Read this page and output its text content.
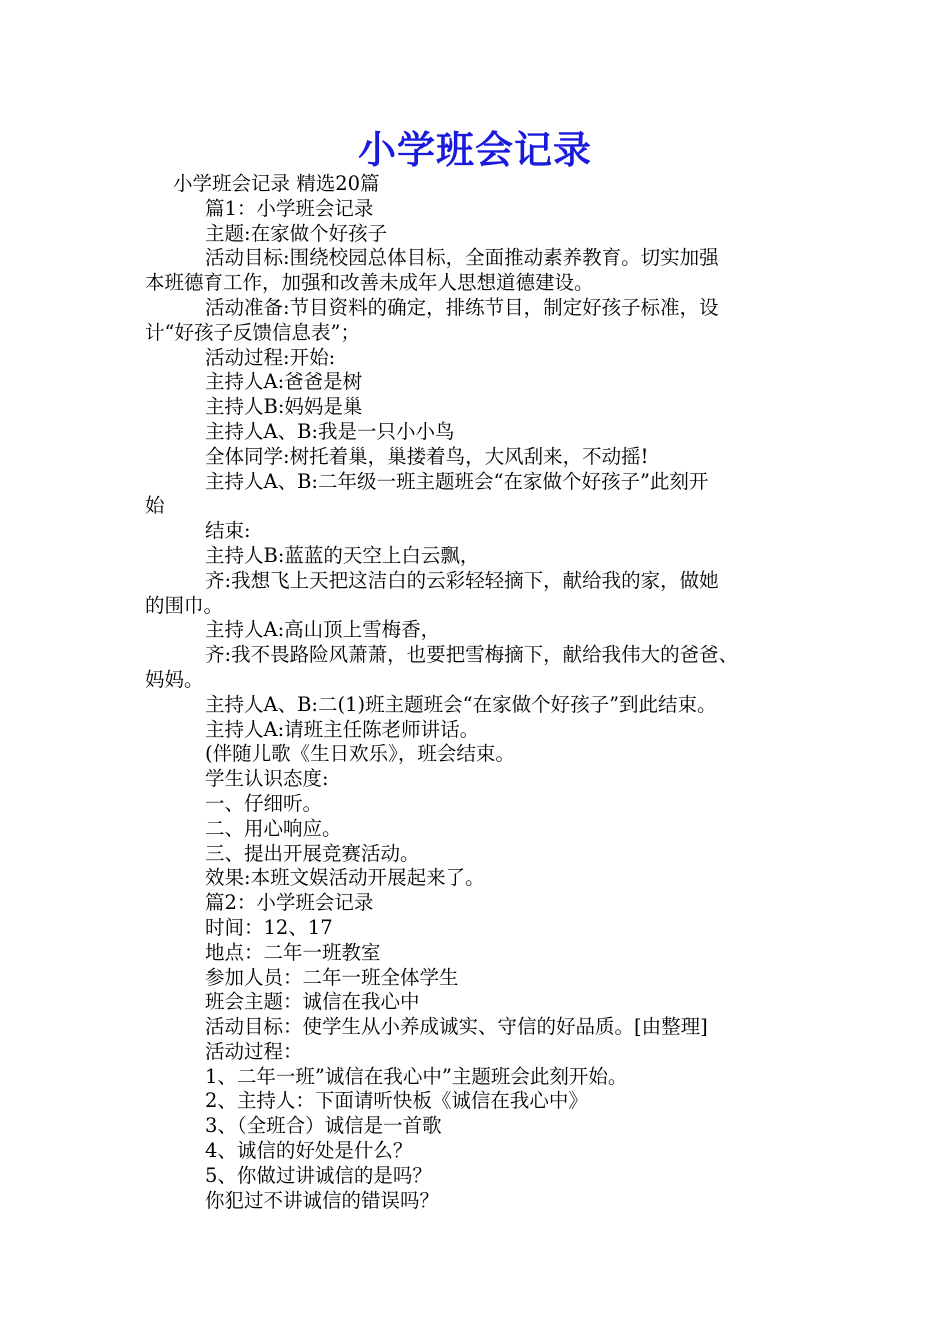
小学班会记录

小学班会记录 精选20篇

篇1：小学班会记录

主题:在家做个好孩子

活动目标:围绕校园总体目标，全面推动素养教育。切实加强

本班德育工作，加强和改善未成年人思想道德建设。

活动准备:节目资料的确定，排练节目，制定好孩子标准，设

计“好孩子反馈信息表”；

活动过程:开始:

主持人A:爸爸是树

主持人B:妈妈是巢

主持人A、B:我是一只小小鸟

全体同学:树托着巢，巢搂着鸟，大风刮来，不动摇!

主持人A、B:二年级一班主题班会“在家做个好孩子”此刻开

始

结束:

主持人B:蓝蓝的天空上白云飘，

齐:我想飞上天把这洁白的云彩轻轻摘下，献给我的家，做她

的围巾。

主持人A:高山顶上雪梅香，

齐:我不畏路险风萧萧，也要把雪梅摘下，献给我伟大的爸爸、

妈妈。

主持人A、B:二(1)班主题班会“在家做个好孩子”到此结束。

主持人A:请班主任陈老师讲话。

(伴随儿歌《生日欢乐》，班会结束。

学生认识态度:

一、仔细听。

二、用心响应。

三、提出开展竞赛活动。

效果:本班文娱活动开展起来了。

篇2：小学班会记录

时间：12、17

地点：二年一班教室

参加人员：二年一班全体学生

班会主题：诚信在我心中

活动目标：使学生从小养成诚实、守信的好品质。[由整理]

活动过程：

1、二年一班”诚信在我心中”主题班会此刻开始。

2、主持人：下面请听快板《诚信在我心中》

3、（全班合）诚信是一首歌

4、诚信的好处是什么？

5、你做过讲诚信的是吗？

你犯过不讲诚信的错误吗？
